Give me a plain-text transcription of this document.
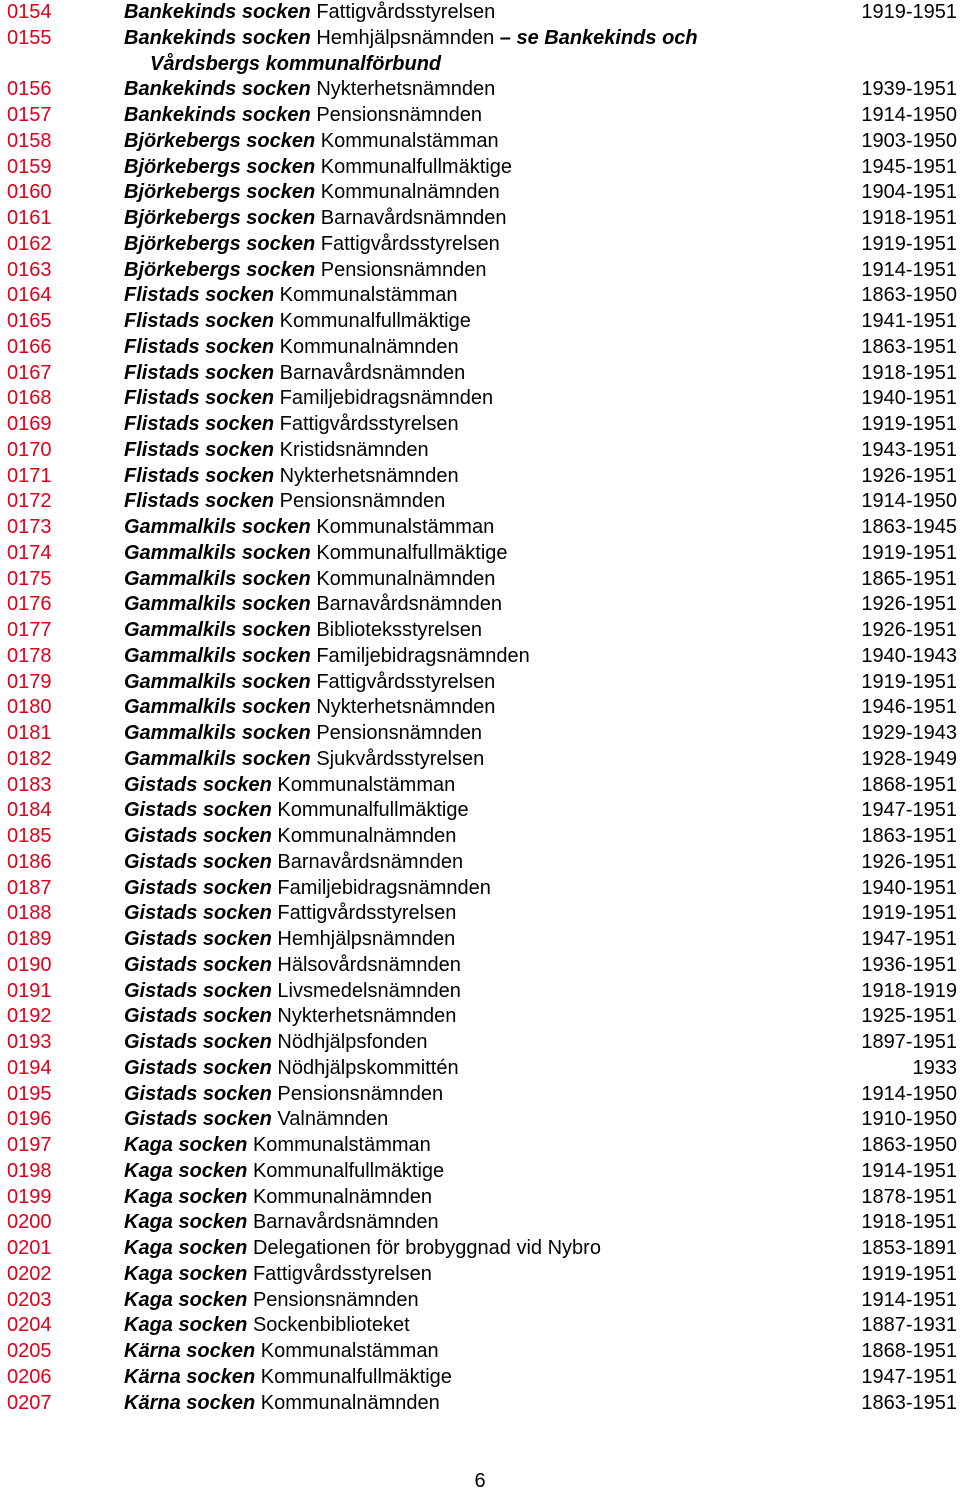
0154	Bankekinds socken Fattigvårdsstyrelsen	1919-1951
0155	Bankekinds socken Hemhjälpsnämnden – se Bankekinds och
Vårdsbergs kommunalförbund
0156	Bankekinds socken Nykterhetsnämnden	1939-1951
0157	Bankekinds socken Pensionsnämnden	1914-1950
0158	Björkebergs socken Kommunalstämman	1903-1950
0159	Björkebergs socken Kommunalfullmäktige	1945-1951
0160	Björkebergs socken Kommunalnämnden	1904-1951
0161	Björkebergs socken Barnavårdsnämnden	1918-1951
0162	Björkebergs socken Fattigvårdsstyrelsen	1919-1951
0163	Björkebergs socken Pensionsnämnden	1914-1951
0164	Flistads socken Kommunalstämman	1863-1950
0165	Flistads socken Kommunalfullmäktige	1941-1951
0166	Flistads socken Kommunalnämnden	1863-1951
0167	Flistads socken Barnavårdsnämnden	1918-1951
0168	Flistads socken Familjebidragsnämnden	1940-1951
0169	Flistads socken Fattigvårdsstyrelsen	1919-1951
0170	Flistads socken Kristidsnämnden	1943-1951
0171	Flistads socken Nykterhetsnämnden	1926-1951
0172	Flistads socken Pensionsnämnden	1914-1950
0173	Gammalkils socken Kommunalstämman	1863-1945
0174	Gammalkils socken Kommunalfullmäktige	1919-1951
0175	Gammalkils socken Kommunalnämnden	1865-1951
0176	Gammalkils socken Barnavårdsnämnden	1926-1951
0177	Gammalkils socken Biblioteksstyrelsen	1926-1951
0178	Gammalkils socken Familjebidragsnämnden	1940-1943
0179	Gammalkils socken Fattigvårdsstyrelsen	1919-1951
0180	Gammalkils socken Nykterhetsnämnden	1946-1951
0181	Gammalkils socken Pensionsnämnden	1929-1943
0182	Gammalkils socken Sjukvårdsstyrelsen	1928-1949
0183	Gistads socken Kommunalstämman	1868-1951
0184	Gistads socken Kommunalfullmäktige	1947-1951
0185	Gistads socken Kommunalnämnden	1863-1951
0186	Gistads socken Barnavårdsnämnden	1926-1951
0187	Gistads socken Familjebidragsnämnden	1940-1951
0188	Gistads socken Fattigvårdsstyrelsen	1919-1951
0189	Gistads socken Hemhjälpsnämnden	1947-1951
0190	Gistads socken Hälsovårdsnämnden	1936-1951
0191	Gistads socken Livsmedelsnämnden	1918-1919
0192	Gistads socken Nykterhetsnämnden	1925-1951
0193	Gistads socken Nödhjälpsfonden	1897-1951
0194	Gistads socken Nödhjälpskommittén	1933
0195	Gistads socken Pensionsnämnden	1914-1950
0196	Gistads socken Valnämnden	1910-1950
0197	Kaga socken Kommunalstämman	1863-1950
0198	Kaga socken Kommunalfullmäktige	1914-1951
0199	Kaga socken Kommunalnämnden	1878-1951
0200	Kaga socken Barnavårdsnämnden	1918-1951
0201	Kaga socken Delegationen för brobyggnad vid Nybro	1853-1891
0202	Kaga socken Fattigvårdsstyrelsen	1919-1951
0203	Kaga socken Pensionsnämnden	1914-1951
0204	Kaga socken Sockenbiblioteket	1887-1931
0205	Kärna socken Kommunalstämman	1868-1951
0206	Kärna socken Kommunalfullmäktige	1947-1951
0207	Kärna socken Kommunalnämnden	1863-1951
6
